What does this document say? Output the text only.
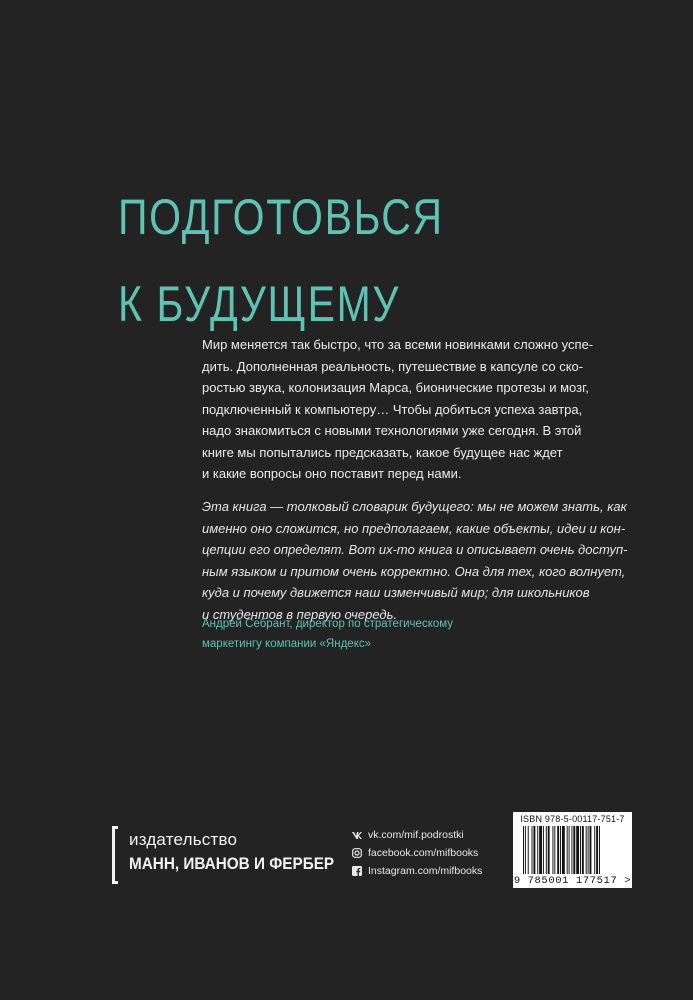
ПОДГОТОВЬСЯ
К БУДУЩЕМУ
Мир меняется так быстро, что за всеми новинками сложно успе-
дить. Дополненная реальность, путешествие в капсуле со ско-
ростью звука, колонизация Марса, бионические протезы и мозг,
подключенный к компьютеру… Чтобы добиться успеха завтра,
надо знакомиться с новыми технологиями уже сегодня. В этой
книге мы попытались предсказать, какое будущее нас ждет
и какие вопросы оно поставит перед нами.
Эта книга — толковый словарик будущего: мы не можем знать, как
именно оно сложится, но предполагаем, какие объекты, идеи и кон-
цепции его определят. Вот их-то книга и описывает очень доступ-
ным языком и притом очень корректно. Она для тех, кого волнует,
куда и почему движется наш изменчивый мир; для школьников
и студентов в первую очередь.
Андрей Себрант, директор по стратегическому
маркетингу компании «Яндекс»
издательство
МАНН, ИВАНОВ И ФЕРБЕР
vk.com/mif.podrostki
facebook.com/mifbooks
Instagram.com/mifbooks
ISBN 978-5-00117-751-7
9 785001 177517 >
